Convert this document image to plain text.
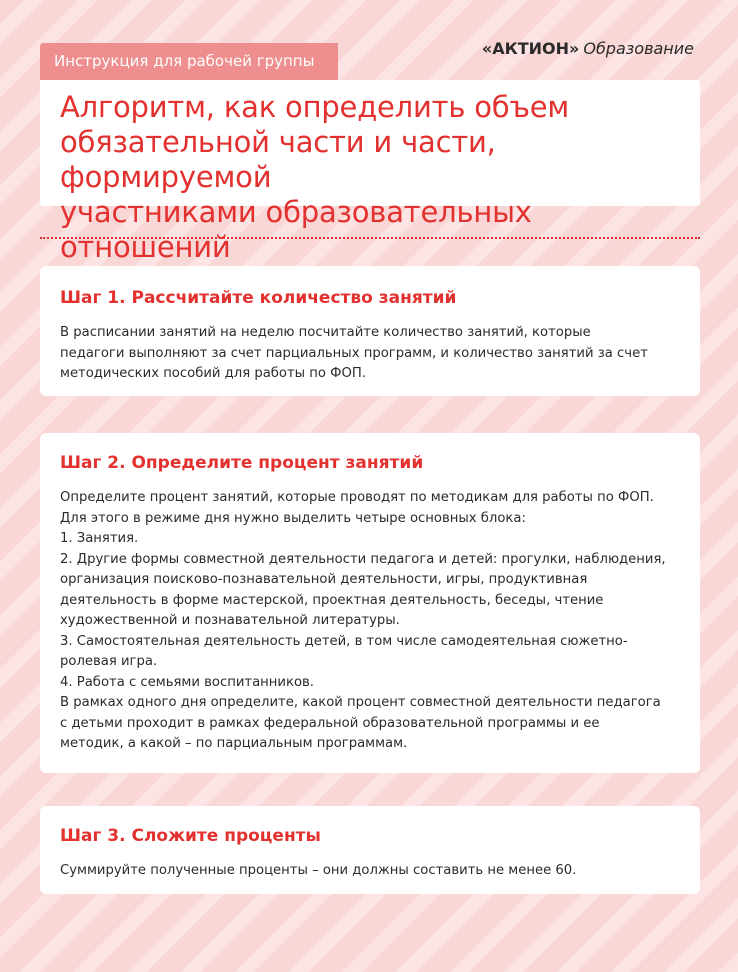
Инструкция для рабочей группы
«АКТИОН» Образование
Алгоритм, как определить объем
обязательной части и части, формируемой
участниками образовательных отношений
Шаг 1. Рассчитайте количество занятий
В расписании занятий на неделю посчитайте количество занятий, которые
педагоги выполняют за счет парциальных программ, и количество занятий за счет
методических пособий для работы по ФОП.
Шаг 2. Определите процент занятий
Определите процент занятий, которые проводят по методикам для работы по ФОП.
Для этого в режиме дня нужно выделить четыре основных блока:
1. Занятия.
2. Другие формы совместной деятельности педагога и детей: прогулки, наблюдения,
организация поисково-познавательной деятельности, игры, продуктивная
деятельность в форме мастерской, проектная деятельность, беседы, чтение
художественной и познавательной литературы.
3. Самостоятельная деятельность детей, в том числе самодеятельная сюжетно-
ролевая игра.
4. Работа с семьями воспитанников.
В рамках одного дня определите, какой процент совместной деятельности педагога
с детьми проходит в рамках федеральной образовательной программы и ее
методик, а какой – по парциальным программам.
Шаг 3. Сложите проценты
Суммируйте полученные проценты – они должны составить не менее 60.
